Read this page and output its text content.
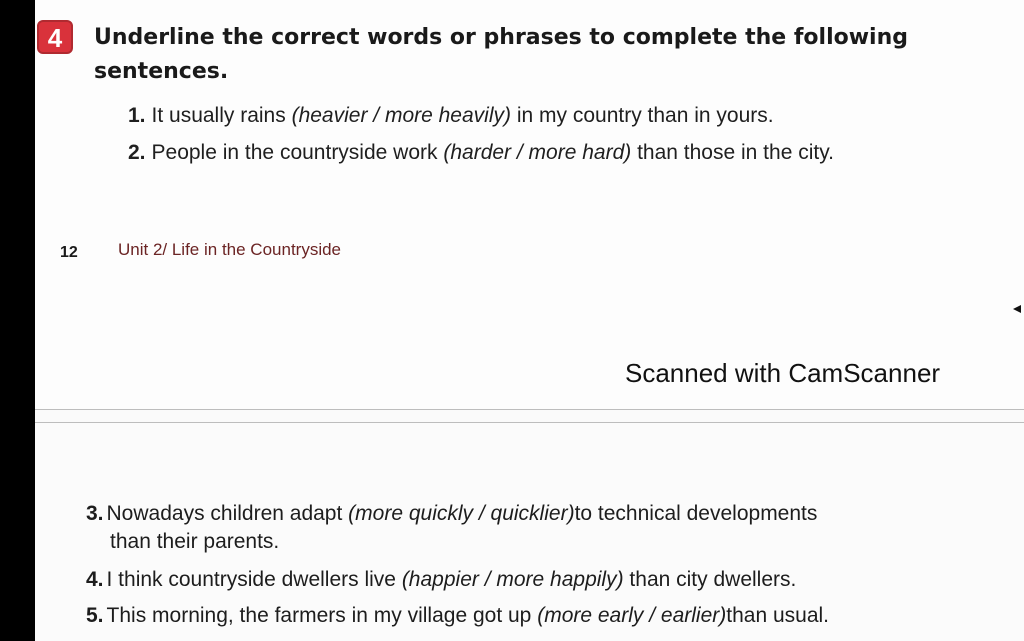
4	Underline the correct words or phrases to complete the following sentences.

1. It usually rains (heavier / more heavily) in my country than in yours.
2. People in the countryside work (harder / more hard) than those in the city.
12 Unit 2/ Life in the Countryside
Scanned with CamScanner
3. Nowadays children adapt (more quickly / quicklier)to technical developments
than their parents.
4. I think countryside dwellers live (happier / more happily) than city dwellers.
5. This morning, the farmers in my village got up (more early / earlier)than usual.
